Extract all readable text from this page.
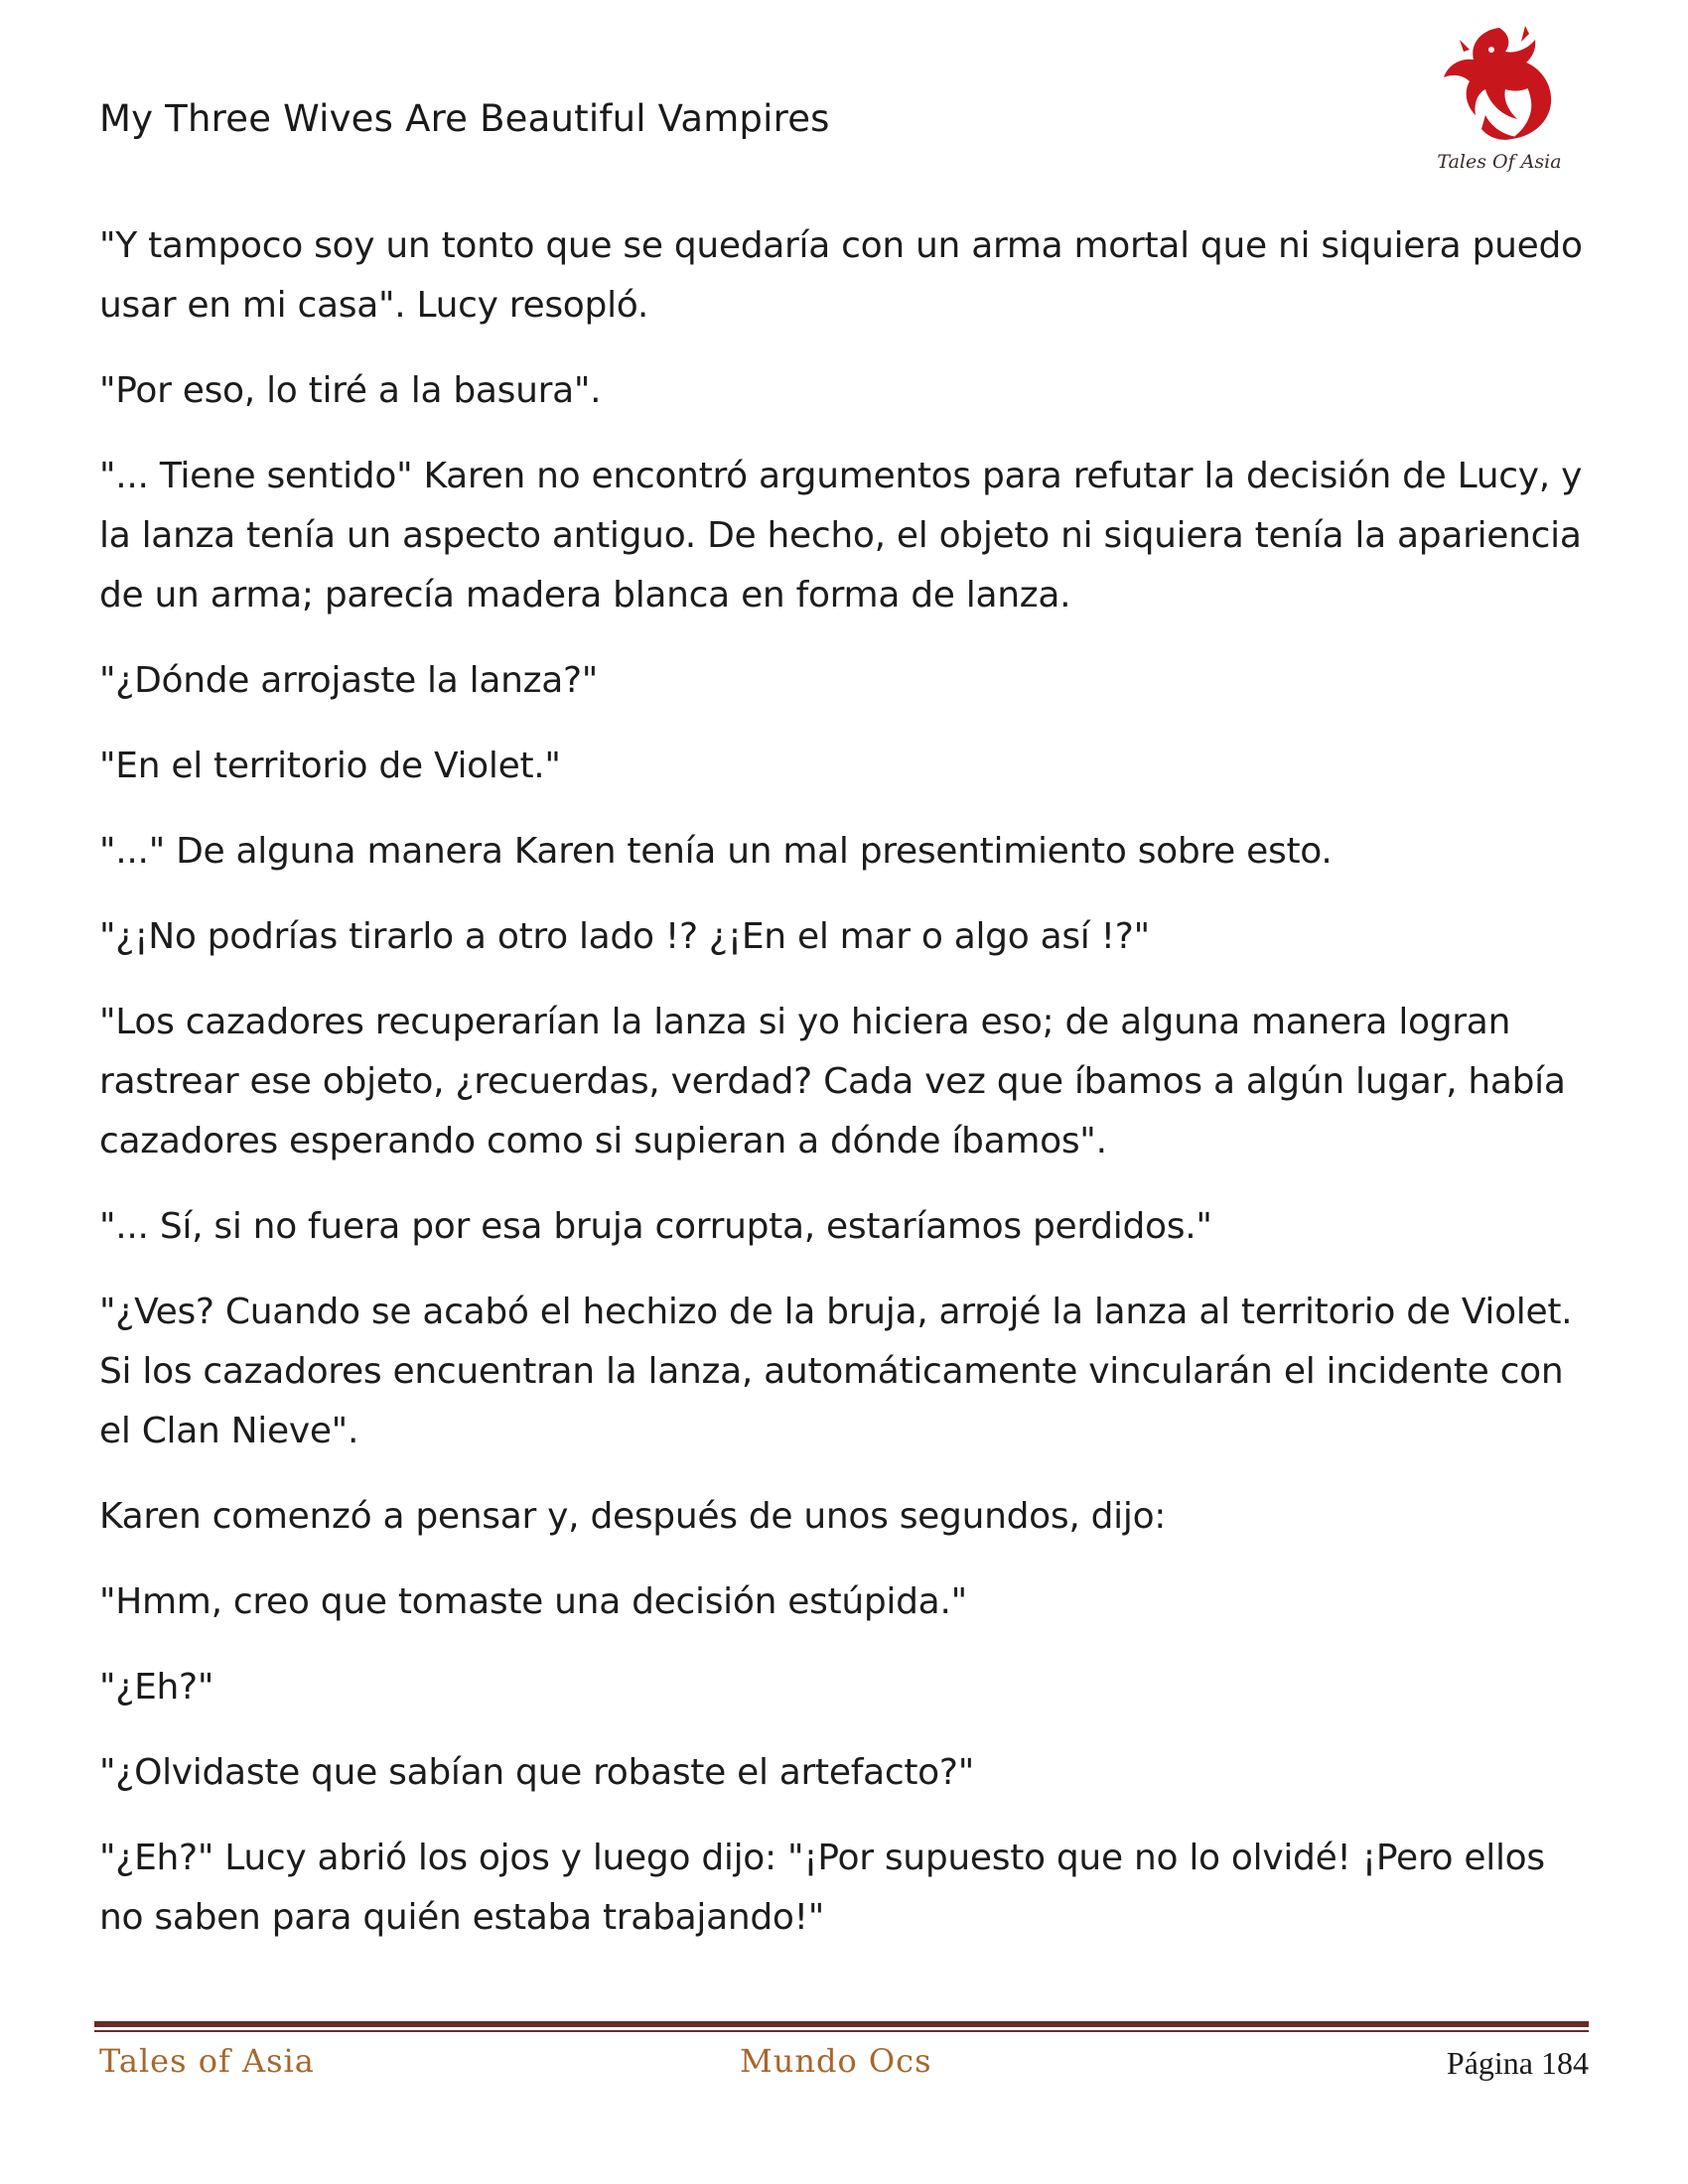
My Three Wives Are Beautiful Vampires
Tales Of Asia

"Y tampoco soy un tonto que se quedaría con un arma mortal que ni siquiera puedo usar en mi casa". Lucy resopló.

"Por eso, lo tiré a la basura".

"... Tiene sentido" Karen no encontró argumentos para refutar la decisión de Lucy, y la lanza tenía un aspecto antiguo. De hecho, el objeto ni siquiera tenía la apariencia de un arma; parecía madera blanca en forma de lanza.

"¿Dónde arrojaste la lanza?"

"En el territorio de Violet."

"..." De alguna manera Karen tenía un mal presentimiento sobre esto.

"¿¡No podrías tirarlo a otro lado !? ¿¡En el mar o algo así !?"

"Los cazadores recuperarían la lanza si yo hiciera eso; de alguna manera logran rastrear ese objeto, ¿recuerdas, verdad? Cada vez que íbamos a algún lugar, había cazadores esperando como si supieran a dónde íbamos".

"... Sí, si no fuera por esa bruja corrupta, estaríamos perdidos."

"¿Ves? Cuando se acabó el hechizo de la bruja, arrojé la lanza al territorio de Violet. Si los cazadores encuentran la lanza, automáticamente vincularán el incidente con el Clan Nieve".

Karen comenzó a pensar y, después de unos segundos, dijo:

"Hmm, creo que tomaste una decisión estúpida."

"¿Eh?"

"¿Olvidaste que sabían que robaste el artefacto?"

"¿Eh?" Lucy abrió los ojos y luego dijo: "¡Por supuesto que no lo olvidé! ¡Pero ellos no saben para quién estaba trabajando!"

Tales of Asia	Mundo Ocs	Página 184
